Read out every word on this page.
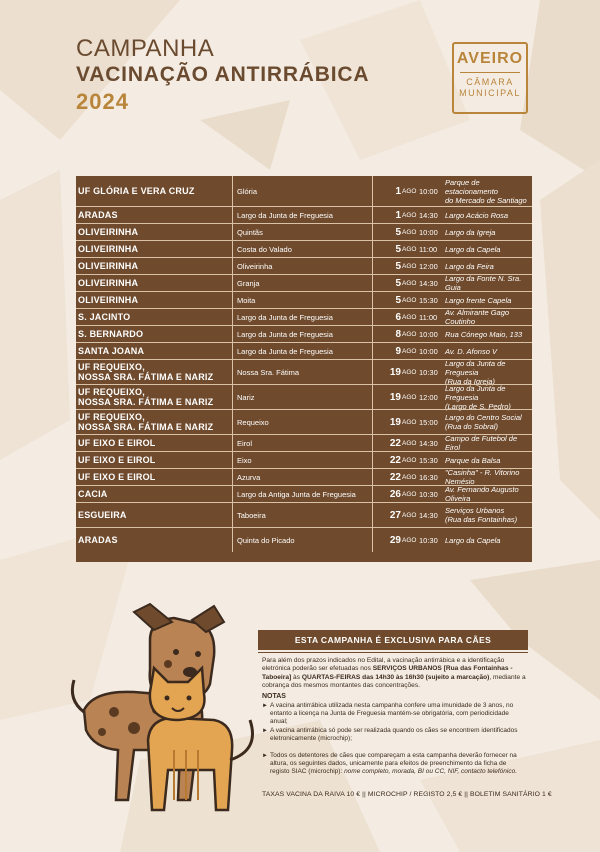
CAMPANHA
VACINAÇÃO ANTIRRÁBICA
2024
AVEIRO
CÂMARA
MUNICIPAL
UF GLÓRIA E VERA CRUZ	Glória	1 AGO 10:00
Parque de estacionamento
do Mercado de Santiago
ARADAS	Largo da Junta de Freguesia	1 AGO 14:30 Largo Acácio Rosa
OLIVEIRINHA	Quintãs	5 AGO 10:00 Largo da Igreja
OLIVEIRINHA	Costa do Valado	5 AGO 11:00	Largo da Capela
OLIVEIRINHA	Oliveirinha	5 AGO 12:00 Largo da Feira
OLIVEIRINHA	Granja	5 AGO 14:30 Largo da Fonte N. Sra. Guia
OLIVEIRINHA	Moita	5 AGO 15:30 Largo frente Capela
S. JACINTO	Largo da Junta de Freguesia	6 AGO 11:00	Av. Almirante Gago Coutinho
S. BERNARDO	Largo da Junta de Freguesia	8 AGO 10:00 Rua Cónego Maio, 133
SANTA JOANA	Largo da Junta de Freguesia	9 AGO 10:00 Av. D. Afonso V
UF REQUEIXO,
NOSSA SRA. FÁTIMA E NARIZ	Nossa Sra. Fátima	19 AGO 10:30
Largo da Junta de Freguesia
(Rua da Igreja)
UF REQUEIXO,
NOSSA SRA. FÁTIMA E NARIZ	Nariz	19 AGO 12:00
Largo da Junta de Freguesia
(Largo de S. Pedro)
UF REQUEIXO,
NOSSA SRA. FÁTIMA E NARIZ	Requeixo	19 AGO 15:00 Largo do Centro Social
(Rua do Sobral)
UF EIXO E EIROL	Eirol	22 AGO 14:30 Campo de Futebol de Eirol
UF EIXO E EIROL	Eixo	22 AGO 15:30 Parque da Balsa
UF EIXO E EIROL	Azurva	22 AGO 16:30 "Casinha" - R. Vitorino Nemésio
CACIA	Largo da Antiga Junta de Freguesia	26 AGO 10:30 Av. Fernando Augusto Oliveira
ESGUEIRA	Taboeira	27 AGO 14:30 Serviços Urbanos
(Rua das Fontainhas)
ARADAS	Quinta do Picado	29 AGO 10:30 Largo da Capela
ESTA CAMPANHA É EXCLUSIVA PARA CÃES
Para além dos prazos indicados no Edital, a vacinação antirrábica e a identificação eletrónica poderão ser efetuadas nos SERVIÇOS URBANOS [Rua das Fontainhas - Taboeira] às QUARTAS-FEIRAS das 14h30 às 16h30 (sujeito a marcação), mediante a cobrança dos mesmos montantes das concentrações.
NOTAS
► A vacina antirrábica utilizada nesta campanha confere uma imunidade de 3 anos, no entanto a licença na Junta de Freguesia mantém-se obrigatória, com periodicidade anual;
► A vacina antirrábica só pode ser realizada quando os cães se encontrem identificados eletronicamente (microchip);
► Todos os detentores de cães que compareçam a esta campanha deverão fornecer na altura, os seguintes dados, unicamente para efeitos de preenchimento da ficha de registo SIAC (microchip): nome completo, morada, BI ou CC, NIF, contacto telefónico.
TAXAS VACINA DA RAIVA 10 € || MICROCHIP / REGISTO 2,5 € || BOLETIM SANITÁRIO 1 €
